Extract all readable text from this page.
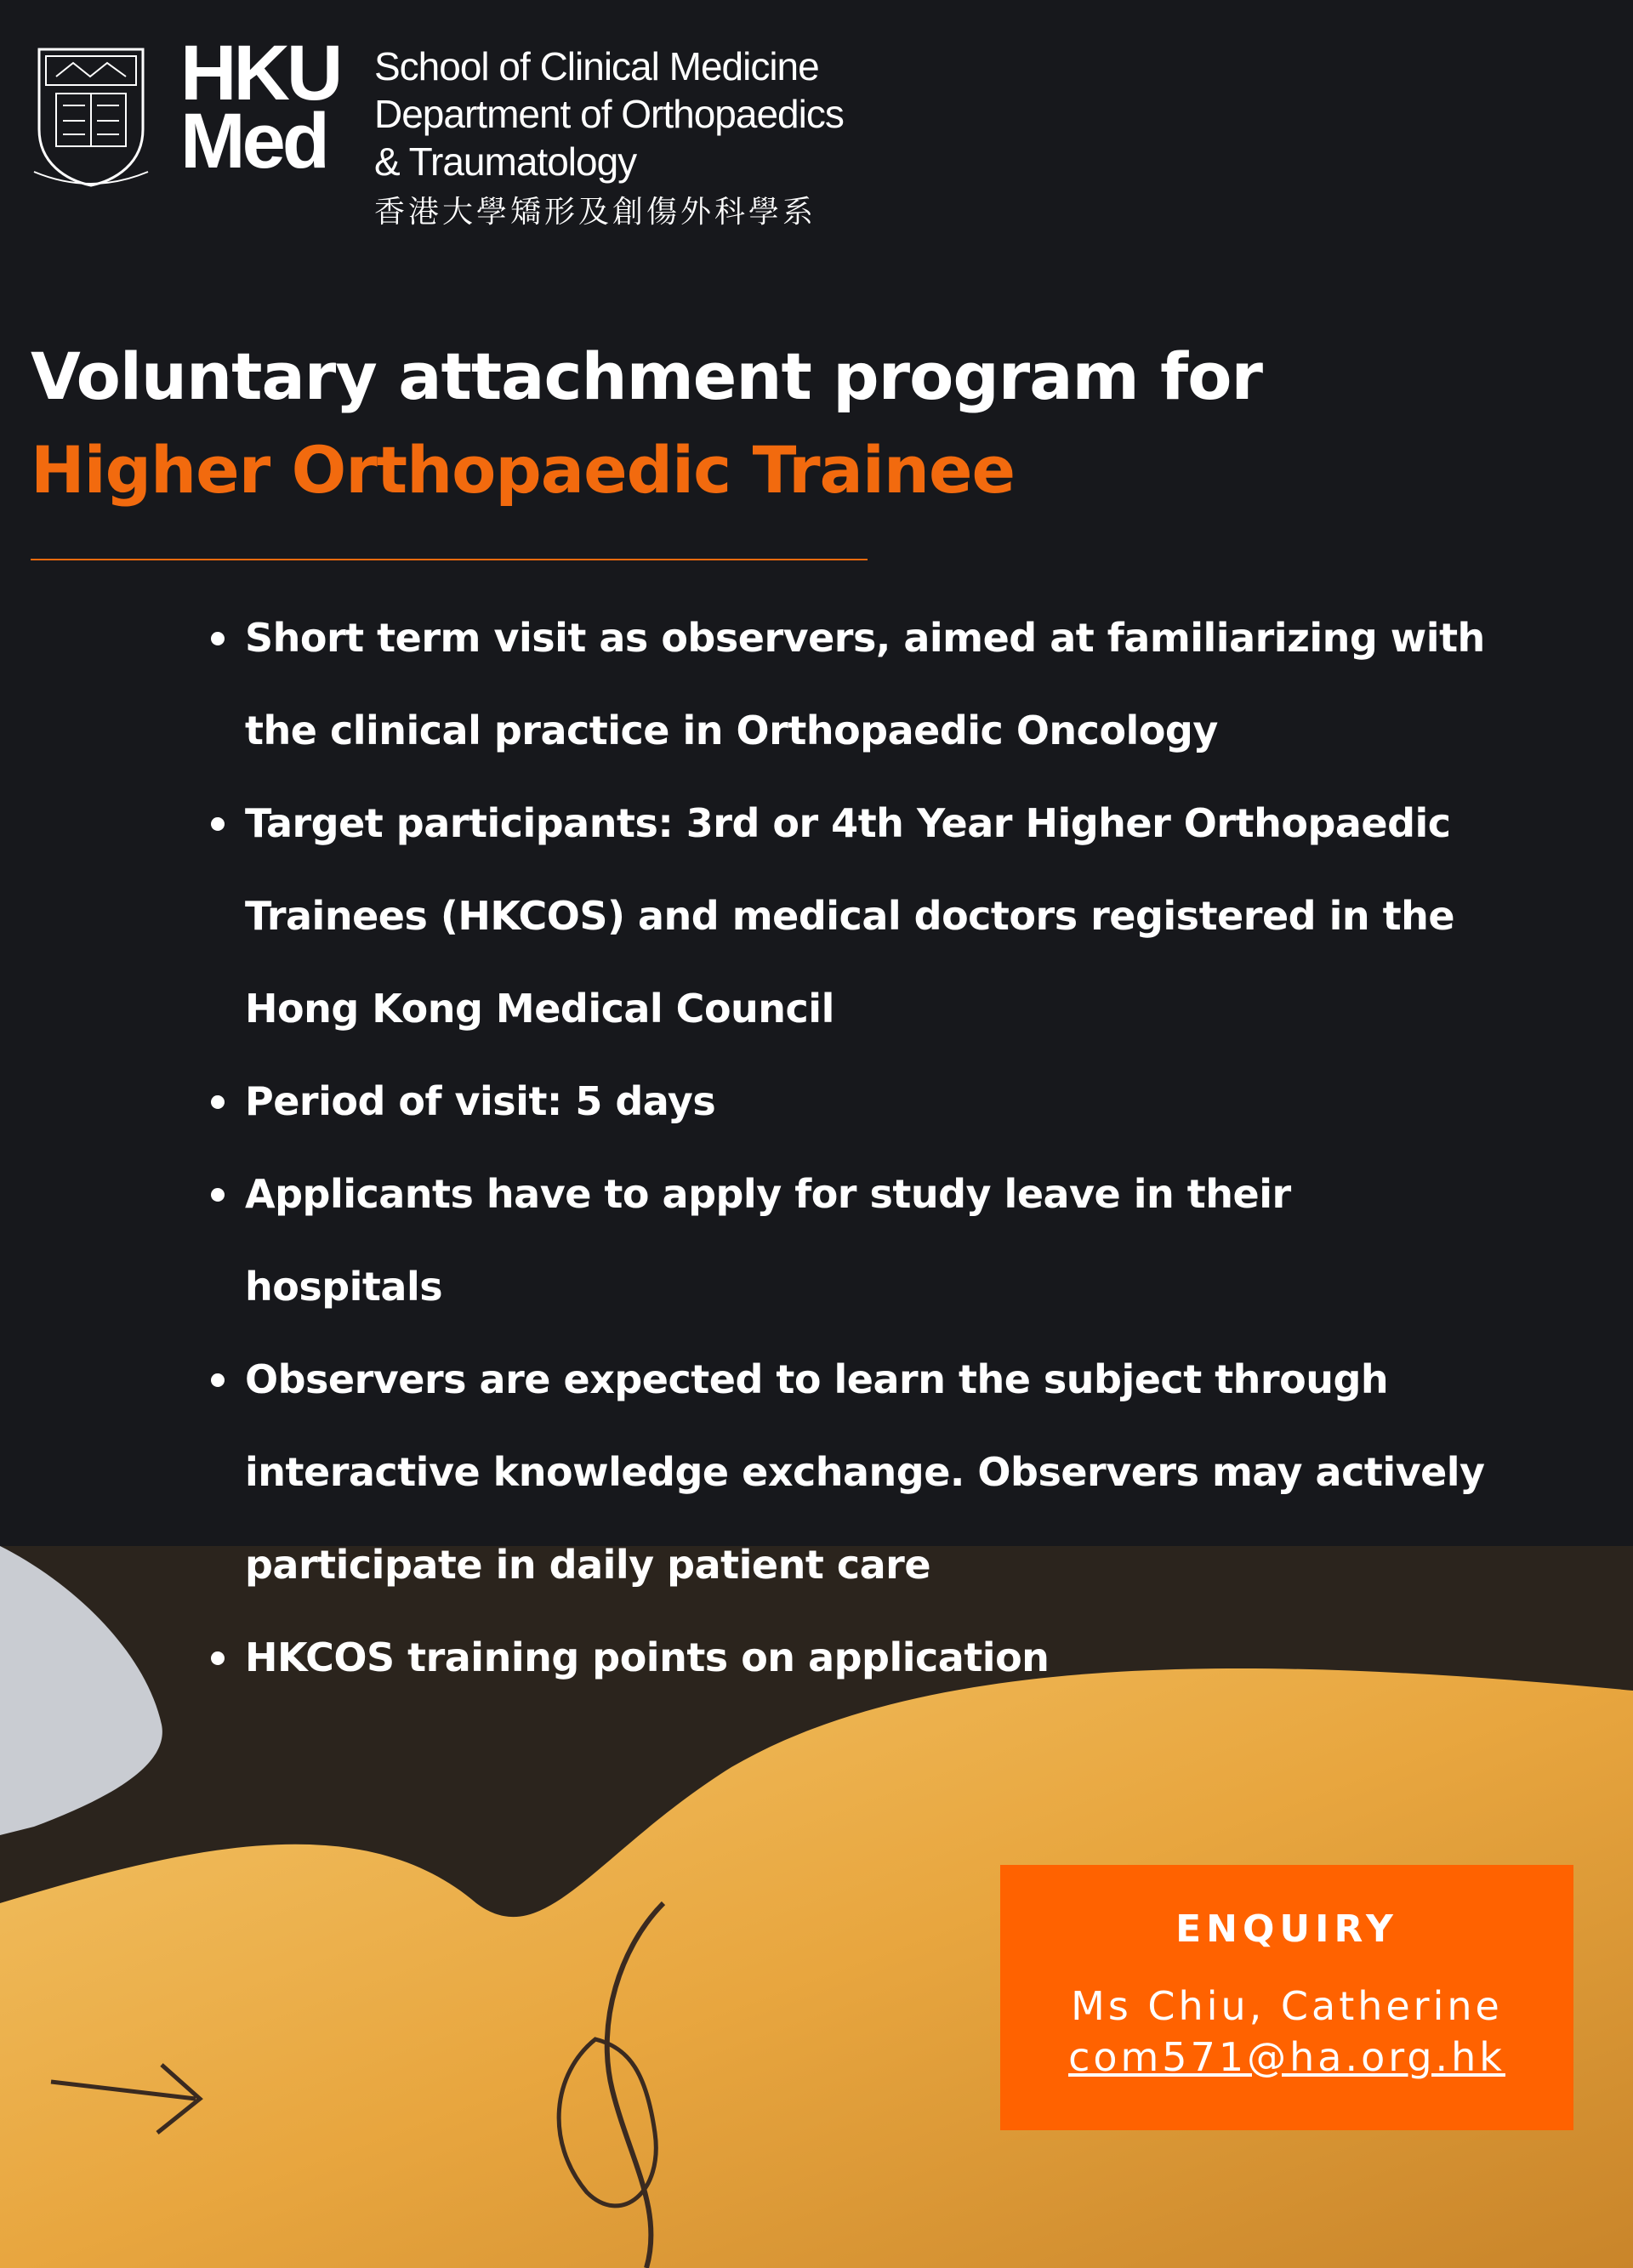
HKU
Med
School of Clinical Medicine
Department of Orthopaedics
& Traumatology
香港大學矯形及創傷外科學系
Voluntary attachment program for
Higher Orthopaedic Trainee
Short term visit as observers, aimed at familiarizing with the clinical practice in Orthopaedic Oncology
Target participants: 3rd or 4th Year Higher Orthopaedic Trainees (HKCOS) and medical doctors registered in the Hong Kong Medical Council
Period of visit: 5 days
Applicants have to apply for study leave in their hospitals
Observers are expected to learn the subject through interactive knowledge exchange. Observers may actively participate in daily patient care
HKCOS training points on application
ENQUIRY
Ms Chiu, Catherine
com571@ha.org.hk
